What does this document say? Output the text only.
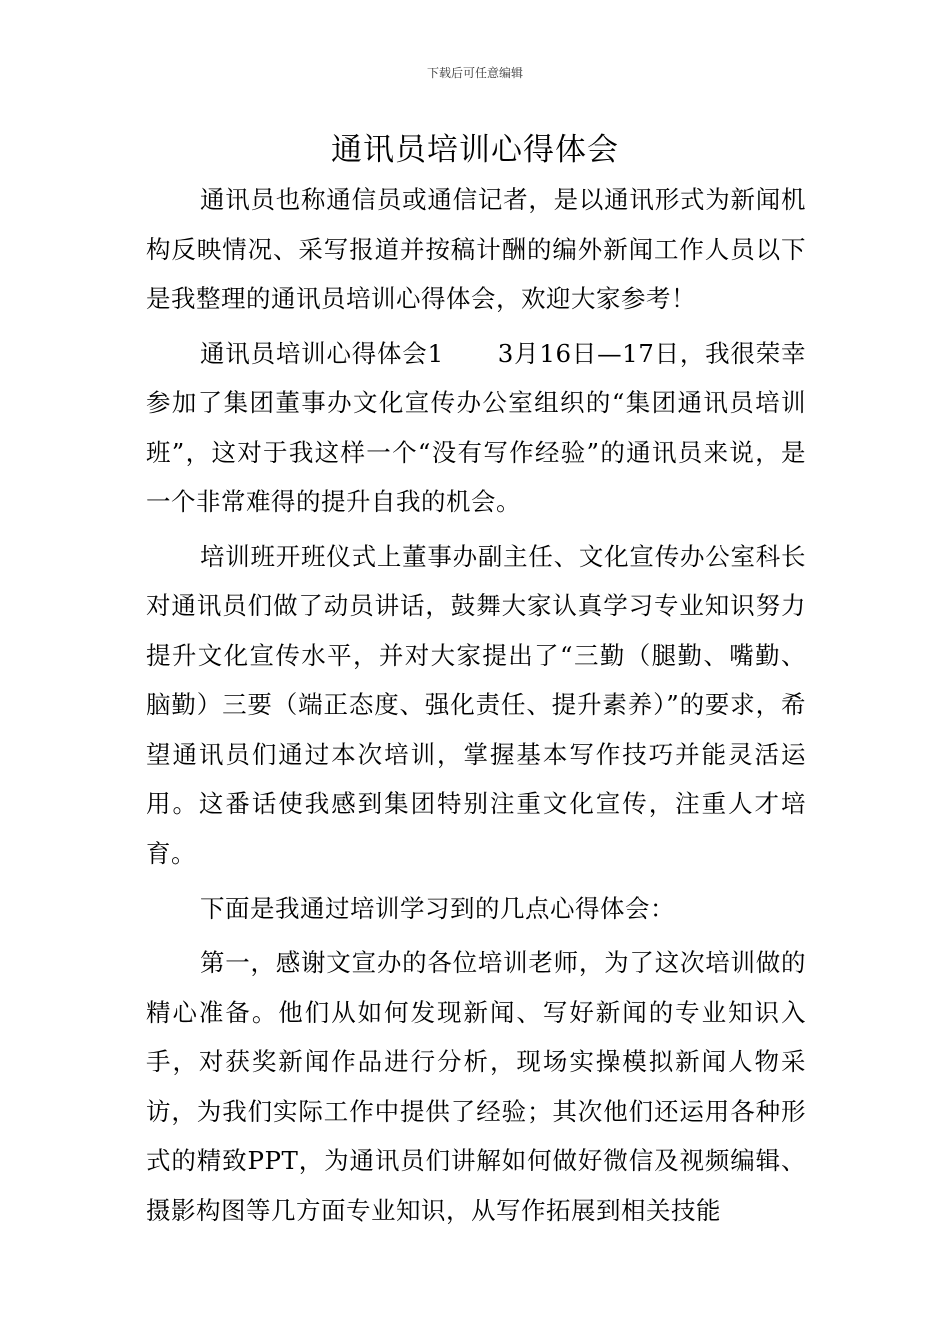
下载后可任意编辑
通讯员培训心得体会

通讯员也称通信员或通信记者，是以通讯形式为新闻机构反映情况、采写报道并按稿计酬的编外新闻工作人员以下是我整理的通讯员培训心得体会，欢迎大家参考！

通讯员培训心得体会1 3月16日—17日，我很荣幸参加了集团董事办文化宣传办公室组织的“集团通讯员培训班”，这对于我这样一个“没有写作经验”的通讯员来说，是一个非常难得的提升自我的机会。

培训班开班仪式上董事办副主任、文化宣传办公室科长对通讯员们做了动员讲话，鼓舞大家认真学习专业知识努力提升文化宣传水平，并对大家提出了“三勤（腿勤、嘴勤、脑勤）三要（端正态度、强化责任、提升素养）”的要求，希望通讯员们通过本次培训，掌握基本写作技巧并能灵活运用。这番话使我感到集团特别注重文化宣传，注重人才培育。

下面是我通过培训学习到的几点心得体会：

第一，感谢文宣办的各位培训老师，为了这次培训做的精心准备。他们从如何发现新闻、写好新闻的专业知识入手，对获奖新闻作品进行分析，现场实操模拟新闻人物采访，为我们实际工作中提供了经验；其次他们还运用各种形式的精致PPT，为通讯员们讲解如何做好微信及视频编辑、摄影构图等几方面专业知识，从写作拓展到相关技能
